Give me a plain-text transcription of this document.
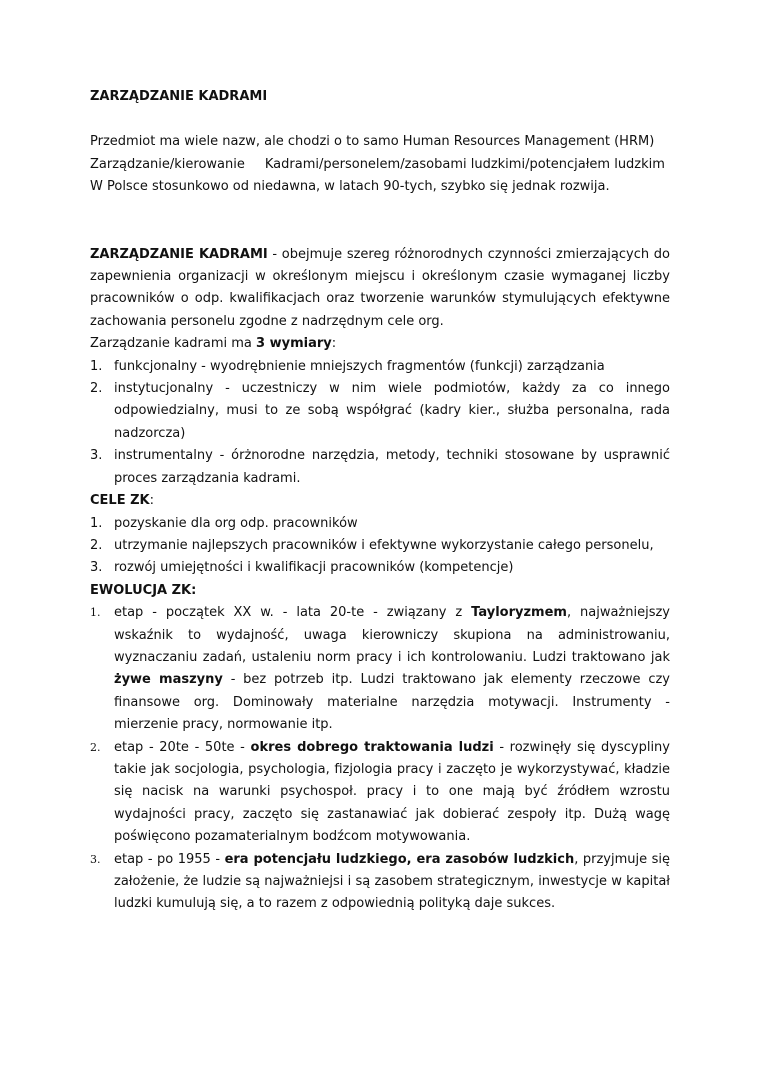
ZARZĄDZANIE KADRAMI
Przedmiot ma wiele nazw, ale chodzi o to samo Human Resources Management (HRM)
Zarządzanie/kierowanie Kadrami/personelem/zasobami ludzkimi/potencjałem ludzkim
W Polsce stosunkowo od niedawna, w latach 90-tych, szybko się jednak rozwija.
ZARZĄDZANIE KADRAMI - obejmuje szereg różnorodnych czynności zmierzających do zapewnienia organizacji w określonym miejscu i określonym czasie wymaganej liczby pracowników o odp. kwalifikacjach oraz tworzenie warunków stymulujących efektywne zachowania personelu zgodne z nadrzędnym cele org.
Zarządzanie kadrami ma 3 wymiary:
1. funkcjonalny - wyodrębnienie mniejszych fragmentów (funkcji) zarządzania
2. instytucjonalny - uczestniczy w nim wiele podmiotów, każdy za co innego odpowiedzialny, musi to ze sobą współgrać (kadry kier., służba personalna, rada nadzorcza)
3. instrumentalny - órżnorodne narzędzia, metody, techniki stosowane by usprawnić proces zarządzania kadrami.
CELE ZK:
1. pozyskanie dla org odp. pracowników
2. utrzymanie najlepszych pracowników i efektywne wykorzystanie całego personelu,
3. rozwój umiejętności i kwalifikacji pracowników (kompetencje)
EWOLUCJA ZK:
1. etap - początek XX w. - lata 20-te - związany z Tayloryzmem, najważniejszy wskaźnik to wydajność, uwaga kierowniczy skupiona na administrowaniu, wyznaczaniu zadań, ustaleniu norm pracy i ich kontrolowaniu. Ludzi traktowano jak żywe maszyny - bez potrzeb itp. Ludzi traktowano jak elementy rzeczowe czy finansowe org. Dominowały materialne narzędzia motywacji. Instrumenty - mierzenie pracy, normowanie itp.
2. etap - 20te - 50te - okres dobrego traktowania ludzi - rozwinęły się dyscypliny takie jak socjologia, psychologia, fizjologia pracy i zaczęto je wykorzystywać, kładzie się nacisk na warunki psychospoł. pracy i to one mają być źródłem wzrostu wydajności pracy, zaczęto się zastanawiać jak dobierać zespoły itp. Dużą wagę poświęcono pozamaterialnym bodźcom motywowania.
3. etap - po 1955 - era potencjału ludzkiego, era zasobów ludzkich, przyjmuje się założenie, że ludzie są najważniejsi i są zasobem strategicznym, inwestycje w kapitał ludzki kumulują się, a to razem z odpowiednią polityką daje sukces.
